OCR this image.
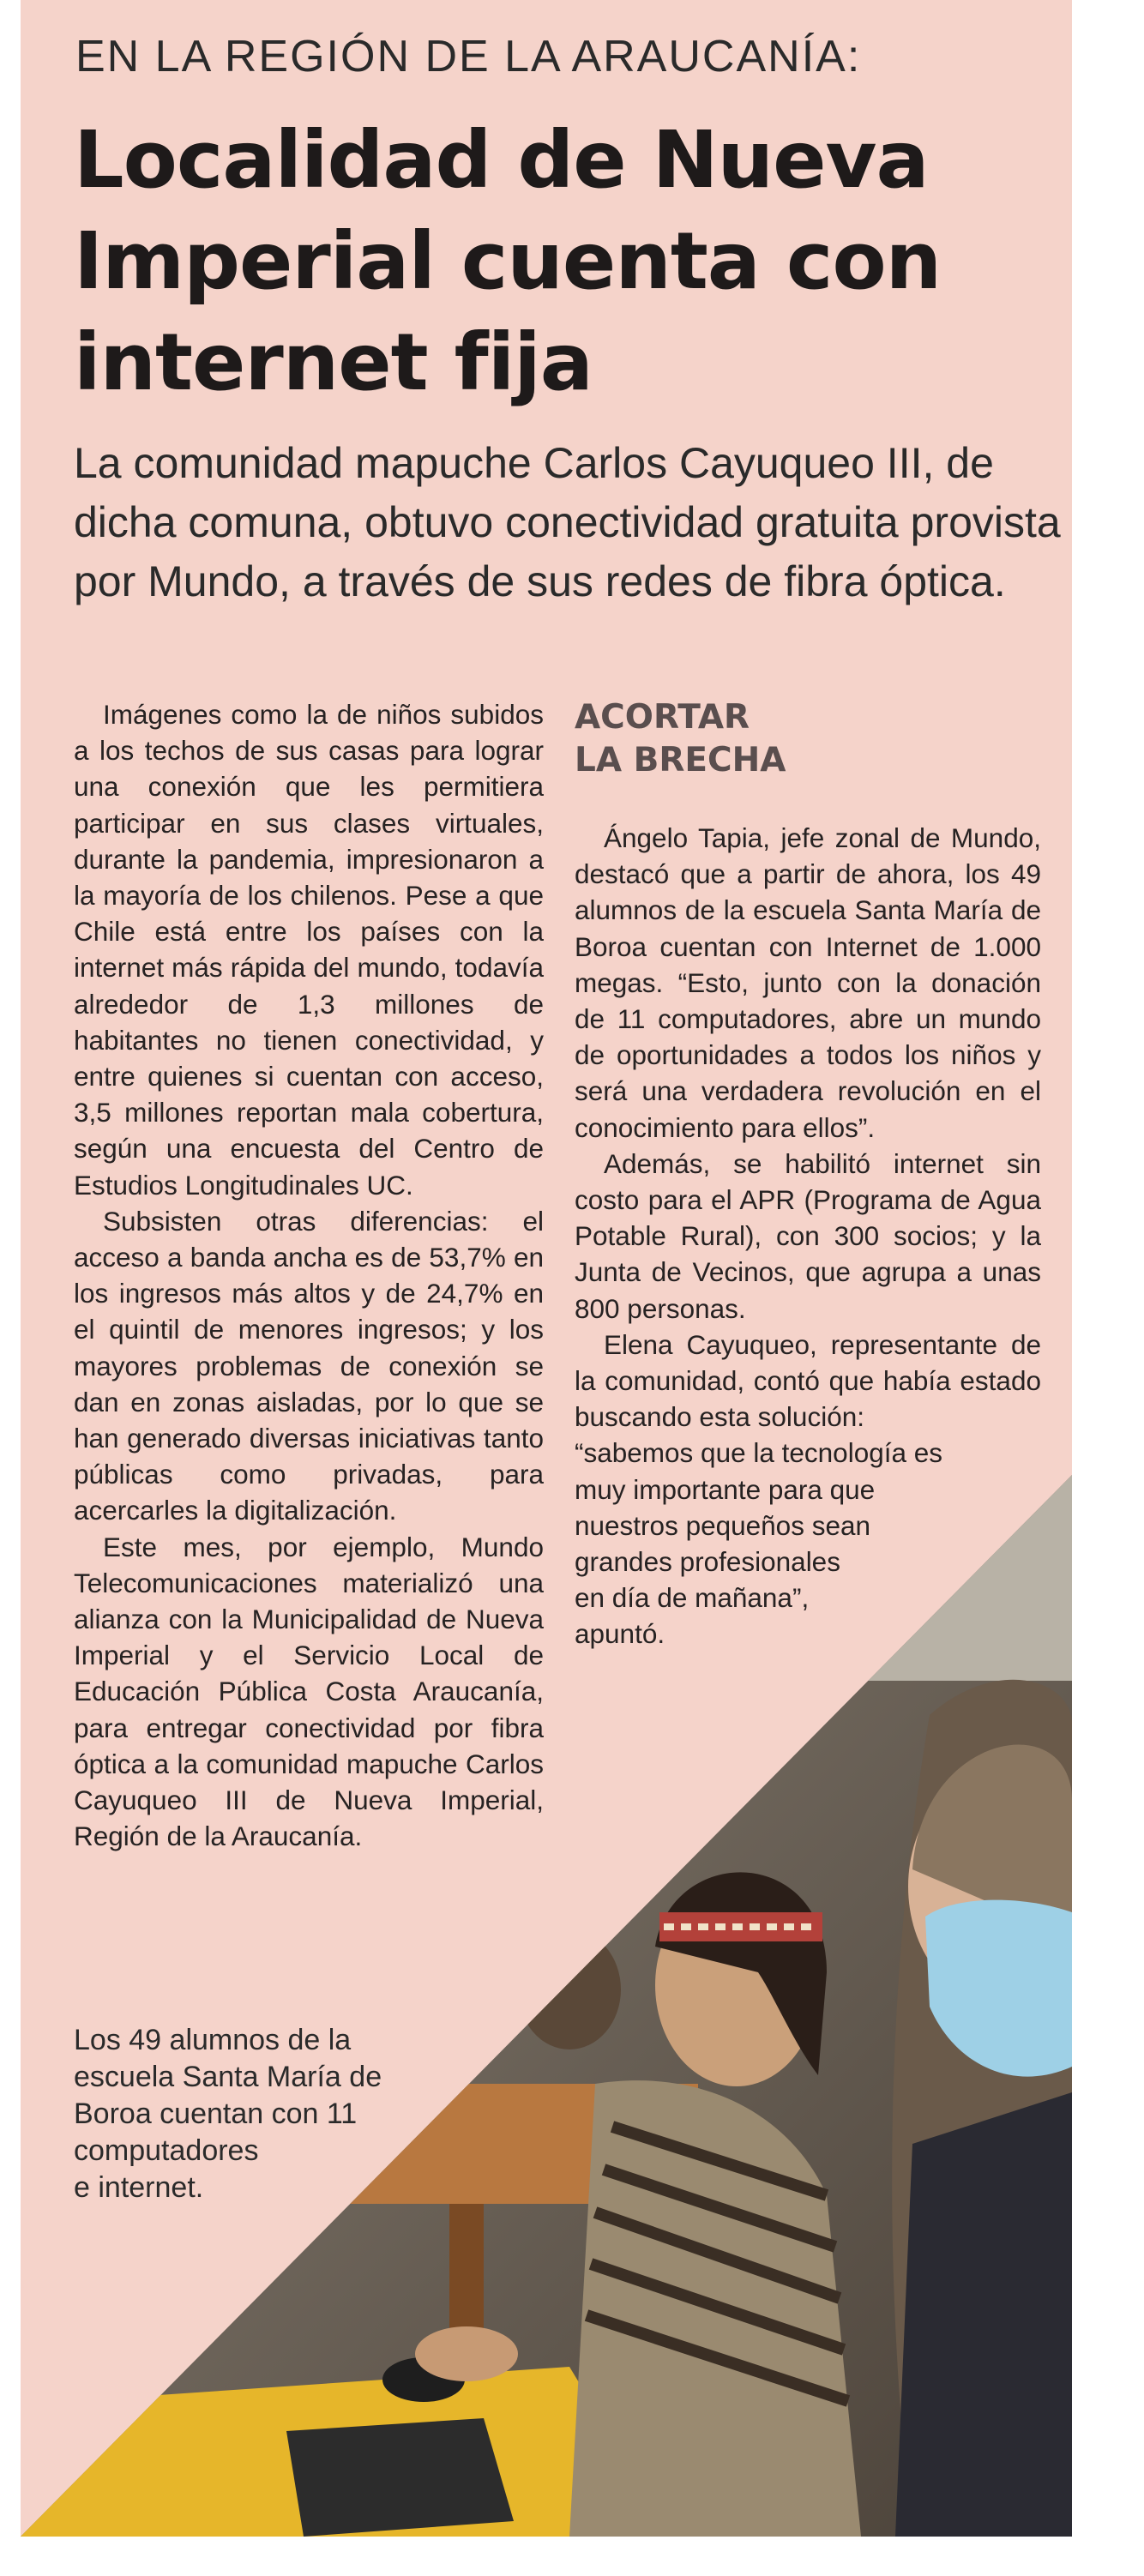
EN LA REGIÓN DE LA ARAUCANÍA:
Localidad de Nueva Imperial cuenta con internet fija
La comunidad mapuche Carlos Cayuqueo III, de dicha comuna, obtuvo conectividad gratuita provista por Mundo, a través de sus redes de fibra óptica.

Imágenes como la de niños subidos a los techos de sus casas para lograr una conexión que les permitiera participar en sus clases virtuales, durante la pandemia, impresionaron a la mayoría de los chilenos. Pese a que Chile está entre los países con la internet más rápida del mundo, todavía alrededor de 1,3 millones de habitantes no tienen conectividad, y entre quienes si cuentan con acceso, 3,5 millones reportan mala cobertura, según una encuesta del Centro de Estudios Longitudinales UC.

Subsisten otras diferencias: el acceso a banda ancha es de 53,7% en los ingresos más altos y de 24,7% en el quintil de menores ingresos; y los mayores problemas de conexión se dan en zonas aisladas, por lo que se han generado diversas iniciativas tanto públicas como privadas, para acercarles la digitalización.

Este mes, por ejemplo, Mundo Telecomunicaciones materializó una alianza con la Municipalidad de Nueva Imperial y el Servicio Local de Educación Pública Costa Araucanía, para entregar conectividad por fibra óptica a la comunidad mapuche Carlos Cayuqueo III de Nueva Imperial, Región de la Araucanía.

ACORTAR
LA BRECHA

Ángelo Tapia, jefe zonal de Mundo, destacó que a partir de ahora, los 49 alumnos de la escuela Santa María de Boroa cuentan con Internet de 1.000 megas. “Esto, junto con la donación de 11 computadores, abre un mundo de oportunidades a todos los niños y será una verdadera revolución en el conocimiento para ellos”.

Además, se habilitó internet sin costo para el APR (Programa de Agua Potable Rural), con 300 socios; y la Junta de Vecinos, que agrupa a unas 800 personas.

Elena Cayuqueo, representante de la comunidad, contó que había estado buscando esta solución:

“sabemos que la tecnología es
muy importante para que
nuestros pequeños sean
grandes profesionales
en día de mañana”,
apuntó.

Los 49 alumnos de la
escuela Santa María de
Boroa cuentan con 11
computadores
e internet.
